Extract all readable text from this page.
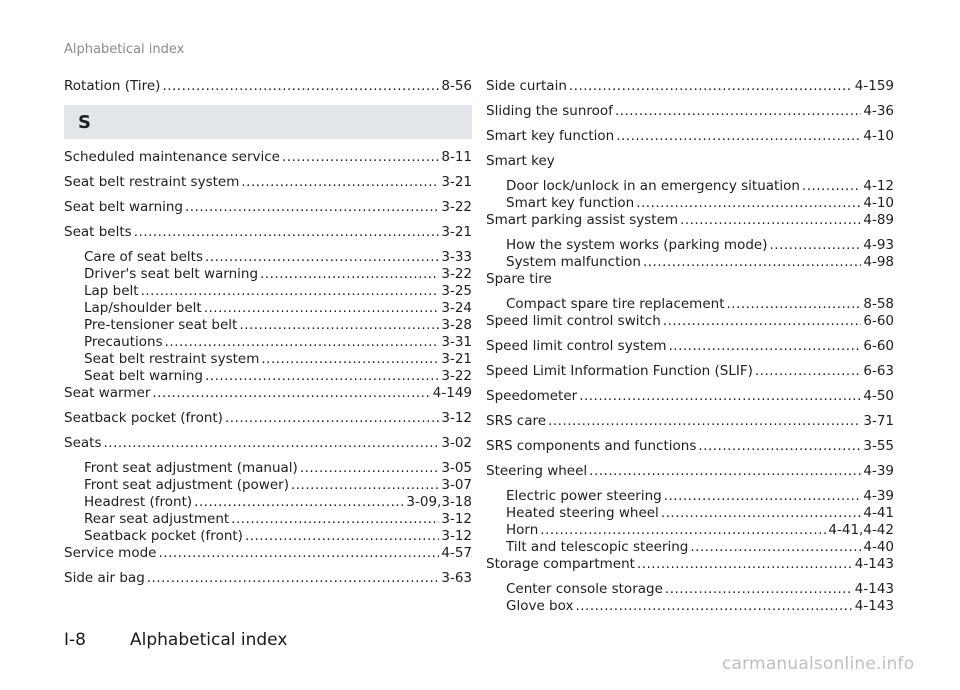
Alphabetical index
Rotation (Tire) .....	8-56
S
Scheduled maintenance service .....	8-11
Seat belt restraint system .....	3-21
Seat belt warning .....	3-22
Seat belts .....	3-21
Care of seat belts .....	3-33
Driver's seat belt warning .....	3-22
Lap belt .....	3-25
Lap/shoulder belt .....	3-24
Pre-tensioner seat belt .....	3-28
Precautions .....	3-31
Seat belt restraint system .....	3-21
Seat belt warning .....	3-22
Seat warmer .....	4-149
Seatback pocket (front) .....	3-12
Seats .....	3-02
Front seat adjustment (manual) .....	3-05
Front seat adjustment (power) .....	3-07
Headrest (front) .....	3-09,3-18
Rear seat adjustment .....	3-12
Seatback pocket (front) .....	3-12
Service mode .....	4-57
Side air bag .....	3-63
Side curtain .....	4-159
Sliding the sunroof .....	4-36
Smart key function .....	4-10
Smart key
Door lock/unlock in an emergency situation .....	4-12
Smart key function .....	4-10
Smart parking assist system .....	4-89
How the system works (parking mode) .....	4-93
System malfunction .....	4-98
Spare tire
Compact spare tire replacement .....	8-58
Speed limit control switch .....	6-60
Speed limit control system .....	6-60
Speed Limit Information Function (SLIF) .....	6-63
Speedometer .....	4-50
SRS care .....	3-71
SRS components and functions .....	3-55
Steering wheel .....	4-39
Electric power steering .....	4-39
Heated steering wheel .....	4-41
Horn .....	4-41,4-42
Tilt and telescopic steering .....	4-40
Storage compartment .....	4-143
Center console storage .....	4-143
Glove box .....	4-143
I-8	Alphabetical index
carmanualsonline.info
